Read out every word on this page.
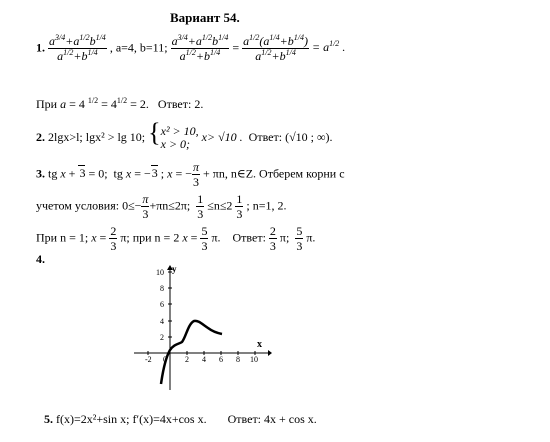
Вариант 54.
1. $\frac{a^{3/4}+a^{1/2}b^{1/4}}{a^{1/2}+b^{1/4}}$ , a=4, b=11; $\frac{a^{3/4}+a^{1/2}b^{1/4}}{a^{1/2}+b^{1/4}} = \frac{a^{1/2}(a^{1/4}+b^{1/4})}{a^{1/2}+b^{1/4}} = a^{1/2}$ .
При a = 4 $^{1/2} = 4^{1/2} = 2$. Ответ: 2.
2. 2lgx>l; lgx² > lg 10; { x² > 10,
x > 0;
x> √10 . Ответ: (√10 ; ∞).
3. tg x + 3 = 0;  tg x = −3 ; x = − $\frac{\pi}{3} + \pi n$, n∈Z. Отберем корни с
учетом условия: $0\le- \frac{\pi}{3} +\pi n\le 2\pi$; $\frac{1}{3} \le n\le 2 \frac{1}{3}$ ; n=1, 2.
При n = 1; $x = \frac{2}{3} \pi$; при n = 2 $x = \frac{5}{3} \pi$.    Ответ: $\frac{2}{3} \pi$; $\frac{5}{3} \pi$.
4.
-2 0 2 4 6 8 10
10
8
6
4
2
y
x
5. f(x)=2x²+sin x; f′(x)=4x+cos x. Ответ: 4x + cos x.
